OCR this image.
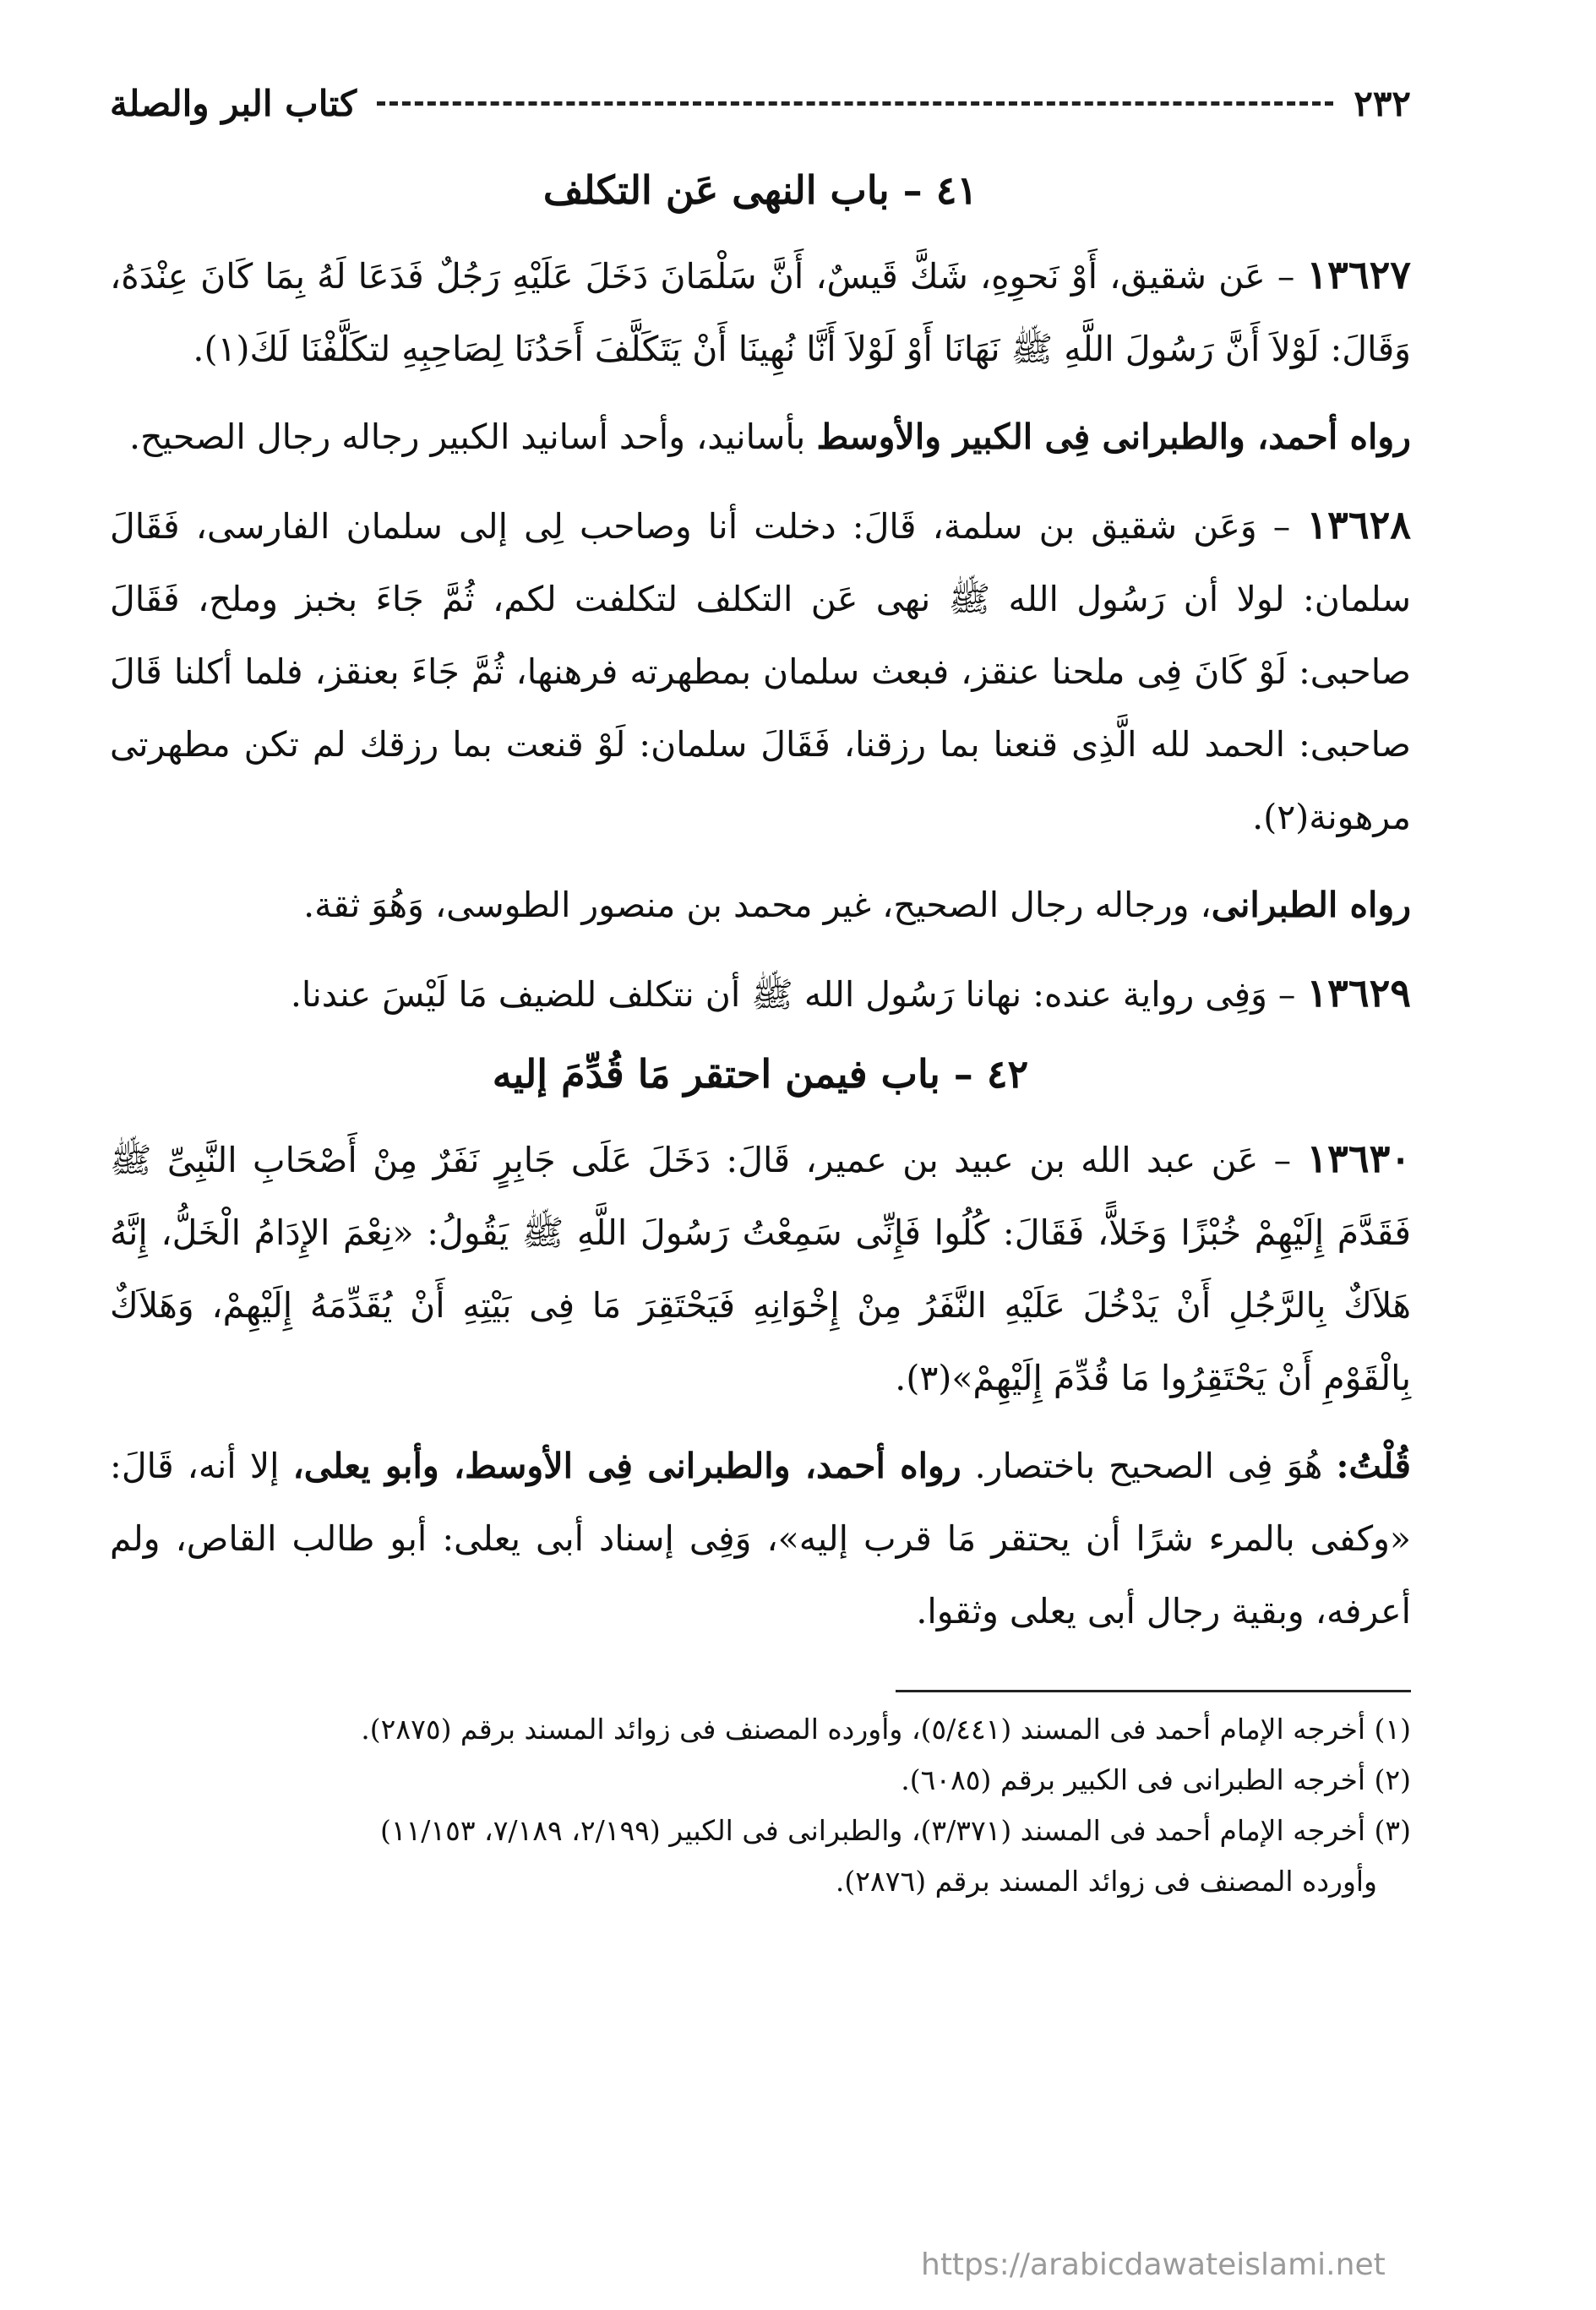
٢٣٢
كتاب البر والصلة
٤١ – باب النهى عَن التكلف

١٣٦٢٧ – عَن شقيق، أَوْ نَحوِهِ، شَكَّ قَيسٌ، أَنَّ سَلْمَانَ دَخَلَ عَلَيْهِ رَجُلٌ فَدَعَا لَهُ بِمَا كَانَ عِنْدَهُ، وَقَالَ: لَوْلاَ أَنَّ رَسُولَ اللَّهِ ﷺ نَهَانَا أَوْ لَوْلاَ أَنَّا نُهِينَا أَنْ يَتَكَلَّفَ أَحَدُنَا لِصَاحِبِهِ لتكَلَّفْنَا لَكَ(١).

رواه أحمد، والطبرانى فِى الكبير والأوسط بأسانيد، وأحد أسانيد الكبير رجاله رجال الصحيح.

١٣٦٢٨ – وَعَن شقيق بن سلمة، قَالَ: دخلت أنا وصاحب لِى إلى سلمان الفارسى، فَقَالَ سلمان: لولا أن رَسُول الله ﷺ نهى عَن التكلف لتكلفت لكم، ثُمَّ جَاءَ بخبز وملح، فَقَالَ صاحبى: لَوْ كَانَ فِى ملحنا عنقز، فبعث سلمان بمطهرته فرهنها، ثُمَّ جَاءَ بعنقز، فلما أكلنا قَالَ صاحبى: الحمد لله الَّذِى قنعنا بما رزقنا، فَقَالَ سلمان: لَوْ قنعت بما رزقك لم تكن مطهرتى مرهونة(٢).

رواه الطبرانى، ورجاله رجال الصحيح، غير محمد بن منصور الطوسى، وَهُوَ ثقة.

١٣٦٢٩ – وَفِى رواية عنده: نهانا رَسُول الله ﷺ أن نتكلف للضيف مَا لَيْسَ عندنا.

٤٢ – باب فيمن احتقر مَا قُدِّمَ إليه

١٣٦٣٠ – عَن عبد الله بن عبيد بن عمير، قَالَ: دَخَلَ عَلَى جَابِرٍ نَفَرٌ مِنْ أَصْحَابِ النَّبِىِّ ﷺ فَقَدَّمَ إِلَيْهِمْ خُبْزًا وَخَلاًّ، فَقَالَ: كُلُوا فَإِنِّى سَمِعْتُ رَسُولَ اللَّهِ ﷺ يَقُولُ: «نِعْمَ الإِدَامُ الْخَلُّ، إِنَّهُ هَلاَكٌ بِالرَّجُلِ أَنْ يَدْخُلَ عَلَيْهِ النَّفَرُ مِنْ إِخْوَانِهِ فَيَحْتَقِرَ مَا فِى بَيْتِهِ أَنْ يُقَدِّمَهُ إِلَيْهِمْ، وَهَلاَكٌ بِالْقَوْمِ أَنْ يَحْتَقِرُوا مَا قُدِّمَ إِلَيْهِمْ»(٣).

قُلْتُ: هُوَ فِى الصحيح باختصار. رواه أحمد، والطبرانى فِى الأوسط، وأبو يعلى، إلا أنه، قَالَ: «وكفى بالمرء شرًا أن يحتقر مَا قرب إليه»، وَفِى إسناد أبى يعلى: أبو طالب القاص، ولم أعرفه، وبقية رجال أبى يعلى وثقوا.

(١) أخرجه الإمام أحمد فى المسند (٥/٤٤١)، وأورده المصنف فى زوائد المسند برقم (٢٨٧٥).

(٢) أخرجه الطبرانى فى الكبير برقم (٦٠٨٥).

(٣) أخرجه الإمام أحمد فى المسند (٣/٣٧١)، والطبرانى فى الكبير (٢/١٩٩، ٧/١٨٩، ١١/١٥٣)

وأورده المصنف فى زوائد المسند برقم (٢٨٧٦).

https://arabicdawateislami.net
